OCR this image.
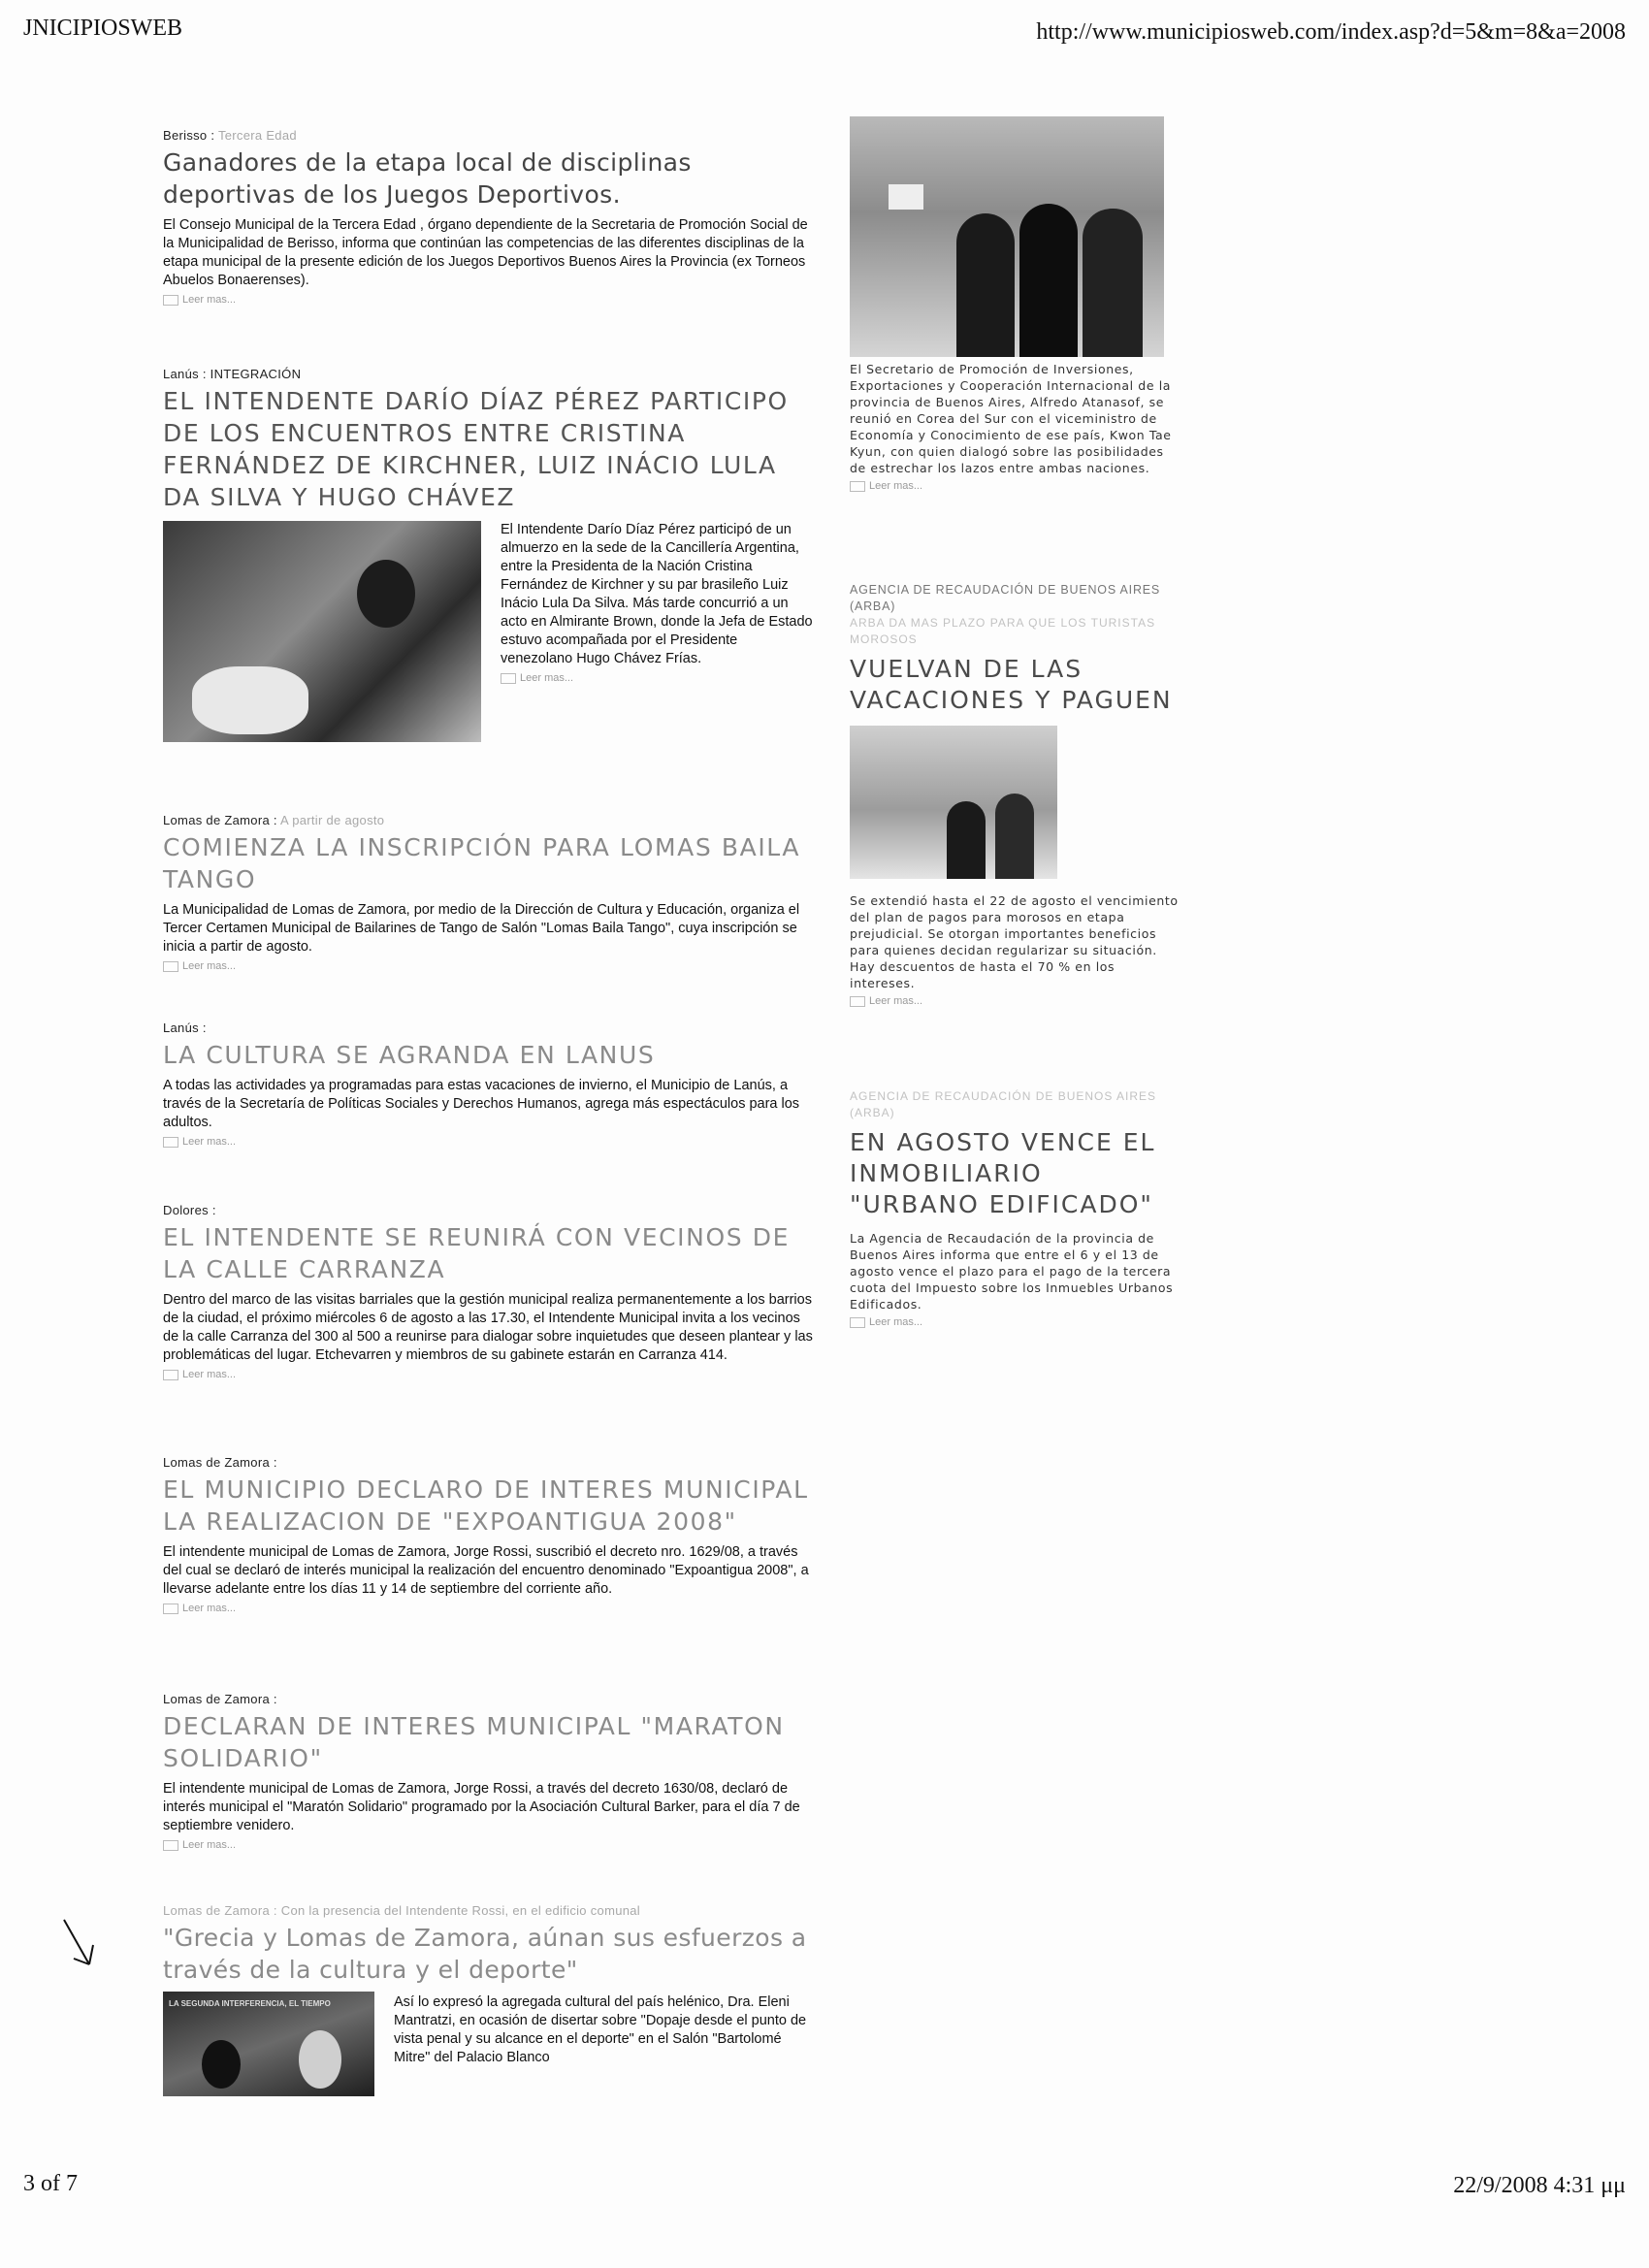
JNICIPIOSWEB	http://www.municipiosweb.com/index.asp?d=5&m=8&a=2008
Berisso : Tercera Edad
Ganadores de la etapa local de disciplinas deportivas de los Juegos Deportivos.
El Consejo Municipal de la Tercera Edad , órgano dependiente de la Secretaria de Promoción Social de la Municipalidad de Berisso, informa que continúan las competencias de las diferentes disciplinas de la etapa municipal de la presente edición de los Juegos Deportivos Buenos Aires la Provincia (ex Torneos Abuelos Bonaerenses).
Leer mas...
Lanús : INTEGRACIÓN
EL INTENDENTE DARÍO DÍAZ PÉREZ PARTICIPO DE LOS ENCUENTROS ENTRE CRISTINA FERNÁNDEZ DE KIRCHNER, LUIZ INÁCIO LULA DA SILVA Y HUGO CHÁVEZ
El Intendente Darío Díaz Pérez participó de un almuerzo en la sede de la Cancillería Argentina, entre la Presidenta de la Nación Cristina Fernández de Kirchner y su par brasileño Luiz Inácio Lula Da Silva. Más tarde concurrió a un acto en Almirante Brown, donde la Jefa de Estado estuvo acompañada por el Presidente venezolano Hugo Chávez Frías.
Leer mas...
Lomas de Zamora : A partir de agosto
COMIENZA LA INSCRIPCIÓN PARA LOMAS BAILA TANGO
La Municipalidad de Lomas de Zamora, por medio de la Dirección de Cultura y Educación, organiza el Tercer Certamen Municipal de Bailarines de Tango de Salón "Lomas Baila Tango", cuya inscripción se inicia a partir de agosto.
Leer mas...
Lanús :
LA CULTURA SE AGRANDA EN LANUS
A todas las actividades ya programadas para estas vacaciones de invierno, el Municipio de Lanús, a través de la Secretaría de Políticas Sociales y Derechos Humanos, agrega más espectáculos para los adultos.
Leer mas...
Dolores :
EL INTENDENTE SE REUNIRÁ CON VECINOS DE LA CALLE CARRANZA
Dentro del marco de las visitas barriales que la gestión municipal realiza permanentemente a los barrios de la ciudad, el próximo miércoles 6 de agosto a las 17.30, el Intendente Municipal invita a los vecinos de la calle Carranza del 300 al 500 a reunirse para dialogar sobre inquietudes que deseen plantear y las problemáticas del lugar. Etchevarren y miembros de su gabinete estarán en Carranza 414.
Leer mas...
Lomas de Zamora :
EL MUNICIPIO DECLARO DE INTERES MUNICIPAL LA REALIZACION DE "EXPOANTIGUA 2008"
El intendente municipal de Lomas de Zamora, Jorge Rossi, suscribió el decreto nro. 1629/08, a través del cual se declaró de interés municipal la realización del encuentro denominado "Expoantigua 2008", a llevarse adelante entre los días 11 y 14 de septiembre del corriente año.
Leer mas...
Lomas de Zamora :
DECLARAN DE INTERES MUNICIPAL "MARATON SOLIDARIO"
El intendente municipal de Lomas de Zamora, Jorge Rossi, a través del decreto 1630/08, declaró de interés municipal el "Maratón Solidario" programado por la Asociación Cultural Barker, para el día 7 de septiembre venidero.
Leer mas...
Lomas de Zamora : Con la presencia del Intendente Rossi, en el edificio comunal
"Grecia y Lomas de Zamora, aúnan sus esfuerzos a través de la cultura y el deporte"
LA SEGUNDA INTERFERENCIA, EL TIEMPO	Así lo expresó la agregada cultural del país helénico, Dra. Eleni Mantratzi, en ocasión de disertar sobre "Dopaje desde el punto de vista penal y su alcance en el deporte" en el Salón "Bartolomé Mitre" del Palacio Blanco
El Secretario de Promoción de Inversiones, Exportaciones y Cooperación Internacional de la provincia de Buenos Aires, Alfredo Atanasof, se reunió en Corea del Sur con el viceministro de Economía y Conocimiento de ese país, Kwon Tae Kyun, con quien dialogó sobre las posibilidades de estrechar los lazos entre ambas naciones.
Leer mas...
AGENCIA DE RECAUDACIÓN DE BUENOS AIRES (ARBA)
ARBA DA MAS PLAZO PARA QUE LOS TURISTAS MOROSOS
VUELVAN DE LAS VACACIONES Y PAGUEN
Se extendió hasta el 22 de agosto el vencimiento del plan de pagos para morosos en etapa prejudicial. Se otorgan importantes beneficios para quienes decidan regularizar su situación. Hay descuentos de hasta el 70 % en los intereses.
Leer mas...
AGENCIA DE RECAUDACIÓN DE BUENOS AIRES (ARBA)
EN AGOSTO VENCE EL INMOBILIARIO "URBANO EDIFICADO"
La Agencia de Recaudación de la provincia de Buenos Aires informa que entre el 6 y el 13 de agosto vence el plazo para el pago de la tercera cuota del Impuesto sobre los Inmuebles Urbanos Edificados.
Leer mas...
3 of 7	22/9/2008 4:31 μμ
